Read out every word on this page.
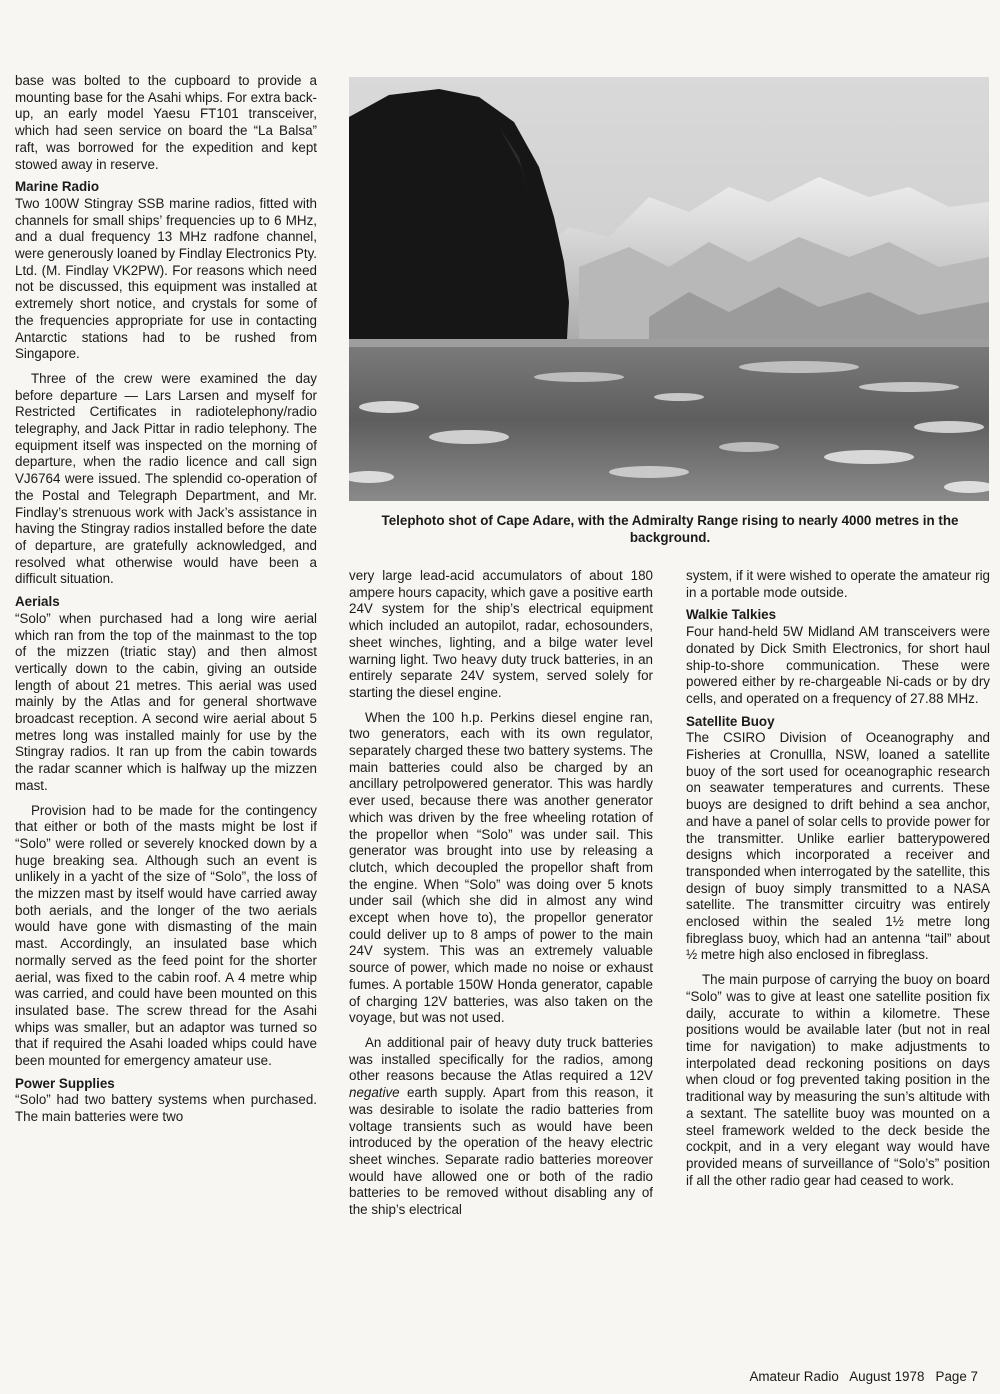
base was bolted to the cupboard to provide a mounting base for the Asahi whips. For extra back-up, an early model Yaesu FT101 transceiver, which had seen service on board the “La Balsa” raft, was borrowed for the expedition and kept stowed away in reserve.

Marine Radio

Two 100W Stingray SSB marine radios, fitted with channels for small ships’ frequencies up to 6 MHz, and a dual frequency 13 MHz radfone channel, were generously loaned by Findlay Electronics Pty. Ltd. (M. Findlay VK2PW). For reasons which need not be discussed, this equipment was installed at extremely short notice, and crystals for some of the frequencies appropriate for use in contacting Antarctic stations had to be rushed from Singapore.

Three of the crew were examined the day before departure — Lars Larsen and myself for Restricted Certificates in radiotelephony/radio telegraphy, and Jack Pittar in radio telephony. The equipment itself was inspected on the morning of departure, when the radio licence and call sign VJ6764 were issued. The splendid co-operation of the Postal and Telegraph Department, and Mr. Findlay’s strenuous work with Jack’s assistance in having the Stingray radios installed before the date of departure, are gratefully acknowledged, and resolved what otherwise would have been a difficult situation.

Aerials

“Solo” when purchased had a long wire aerial which ran from the top of the mainmast to the top of the mizzen (triatic stay) and then almost vertically down to the cabin, giving an outside length of about 21 metres. This aerial was used mainly by the Atlas and for general shortwave broadcast reception. A second wire aerial about 5 metres long was installed mainly for use by the Stingray radios. It ran up from the cabin towards the radar scanner which is halfway up the mizzen mast.

Provision had to be made for the contingency that either or both of the masts might be lost if “Solo” were rolled or severely knocked down by a huge breaking sea. Although such an event is unlikely in a yacht of the size of “Solo”, the loss of the mizzen mast by itself would have carried away both aerials, and the longer of the two aerials would have gone with dismasting of the main mast. Accordingly, an insulated base which normally served as the feed point for the shorter aerial, was fixed to the cabin roof. A 4 metre whip was carried, and could have been mounted on this insulated base. The screw thread for the Asahi whips was smaller, but an adaptor was turned so that if required the Asahi loaded whips could have been mounted for emergency amateur use.

Power Supplies

“Solo” had two battery systems when purchased. The main batteries were two

Telephoto shot of Cape Adare, with the Admiralty Range rising to nearly 4000 metres in the background.

very large lead-acid accumulators of about 180 ampere hours capacity, which gave a positive earth 24V system for the ship’s electrical equipment which included an autopilot, radar, echosounders, sheet winches, lighting, and a bilge water level warning light. Two heavy duty truck batteries, in an entirely separate 24V system, served solely for starting the diesel engine.

When the 100 h.p. Perkins diesel engine ran, two generators, each with its own regulator, separately charged these two battery systems. The main batteries could also be charged by an ancillary petrolpowered generator. This was hardly ever used, because there was another generator which was driven by the free wheeling rotation of the propellor when “Solo” was under sail. This generator was brought into use by releasing a clutch, which decoupled the propellor shaft from the engine. When “Solo” was doing over 5 knots under sail (which she did in almost any wind except when hove to), the propellor generator could deliver up to 8 amps of power to the main 24V system. This was an extremely valuable source of power, which made no noise or exhaust fumes. A portable 150W Honda generator, capable of charging 12V batteries, was also taken on the voyage, but was not used.

An additional pair of heavy duty truck batteries was installed specifically for the radios, among other reasons because the Atlas required a 12V negative earth supply. Apart from this reason, it was desirable to isolate the radio batteries from voltage transients such as would have been introduced by the operation of the heavy electric sheet winches. Separate radio batteries moreover would have allowed one or both of the radio batteries to be removed without disabling any of the ship’s electrical

system, if it were wished to operate the amateur rig in a portable mode outside.

Walkie Talkies

Four hand-held 5W Midland AM transceivers were donated by Dick Smith Electronics, for short haul ship-to-shore communication. These were powered either by re-chargeable Ni-cads or by dry cells, and operated on a frequency of 27.88 MHz.

Satellite Buoy

The CSIRO Division of Oceanography and Fisheries at Cronullla, NSW, loaned a satellite buoy of the sort used for oceanographic research on seawater temperatures and currents. These buoys are designed to drift behind a sea anchor, and have a panel of solar cells to provide power for the transmitter. Unlike earlier batterypowered designs which incorporated a receiver and transponded when interrogated by the satellite, this design of buoy simply transmitted to a NASA satellite. The transmitter circuitry was entirely enclosed within the sealed 1½ metre long fibreglass buoy, which had an antenna “tail” about ½ metre high also enclosed in fibreglass.

The main purpose of carrying the buoy on board “Solo” was to give at least one satellite position fix daily, accurate to within a kilometre. These positions would be available later (but not in real time for navigation) to make adjustments to interpolated dead reckoning positions on days when cloud or fog prevented taking position in the traditional way by measuring the sun’s altitude with a sextant. The satellite buoy was mounted on a steel framework welded to the deck beside the cockpit, and in a very elegant way would have provided means of surveillance of “Solo’s” position if all the other radio gear had ceased to work.

Amateur Radio   August 1978   Page 7
